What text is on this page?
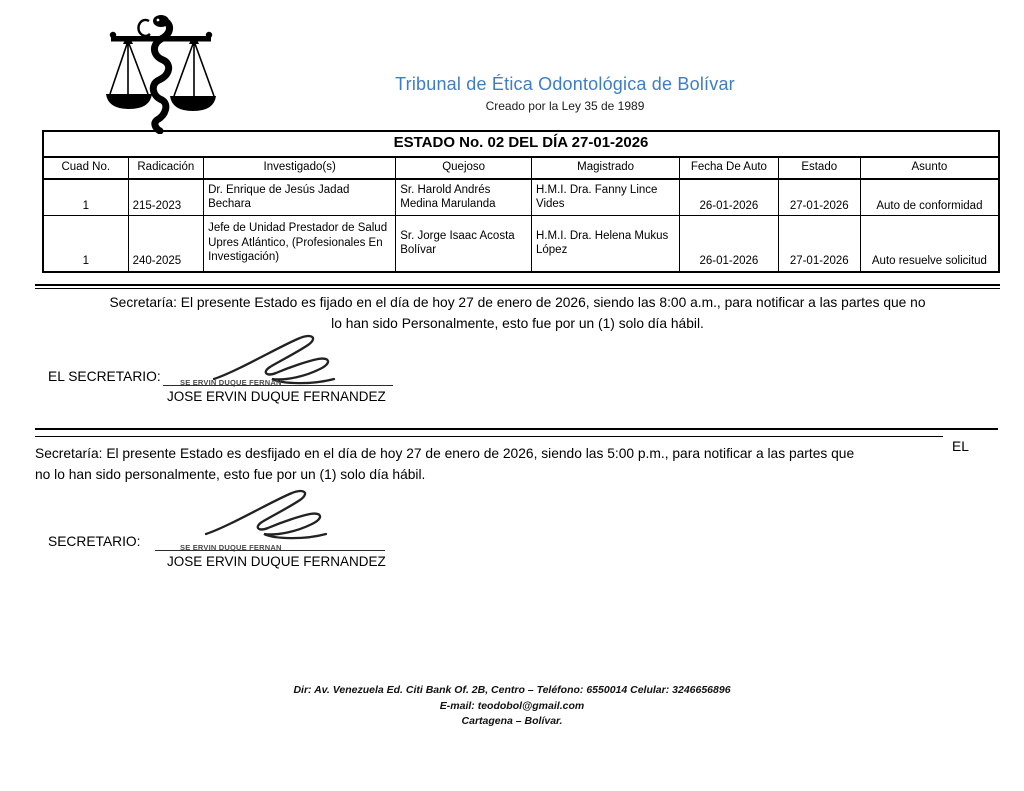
Tribunal de Ética Odontológica de Bolívar
Creado por la Ley 35 de 1989
ESTADO No. 02 DEL DÍA 27-01-2026							
Cuad No.	Radicación	Investigado(s)	Quejoso	Magistrado	Fecha De Auto	Estado	Asunto
1	215-2023	Dr. Enrique de Jesús Jadad Bechara	Sr. Harold Andrés Medina Marulanda	H.M.I. Dra. Fanny Lince Vides	26-01-2026	27-01-2026	Auto de conformidad
1	240-2025	Jefe de Unidad Prestador de Salud Upres Atlántico, (Profesionales En Investigación)	Sr. Jorge Isaac Acosta Bolívar	H.M.I. Dra. Helena Mukus López	26-01-2026	27-01-2026	Auto resuelve solicitud
Secretaría: El presente Estado es fijado en el día de hoy 27 de enero de 2026, siendo las 8:00 a.m., para notificar a las partes que no
lo han sido Personalmente, esto fue por un (1) solo día hábil.
SE ERVIN DUQUE FERNAN
EL SECRETARIO:
JOSE ERVIN DUQUE FERNANDEZ
EL
Secretaría: El presente Estado es desfijado en el día de hoy 27 de enero de 2026, siendo las 5:00 p.m., para notificar a las partes que
no lo han sido personalmente, esto fue por un (1) solo día hábil.
SE ERVIN DUQUE FERNAN
SECRETARIO:
JOSE ERVIN DUQUE FERNANDEZ
Dir: Av. Venezuela Ed. Citi Bank Of. 2B, Centro – Teléfono: 6550014 Celular: 3246656896
E-mail: teodobol@gmail.com
Cartagena – Bolívar.
